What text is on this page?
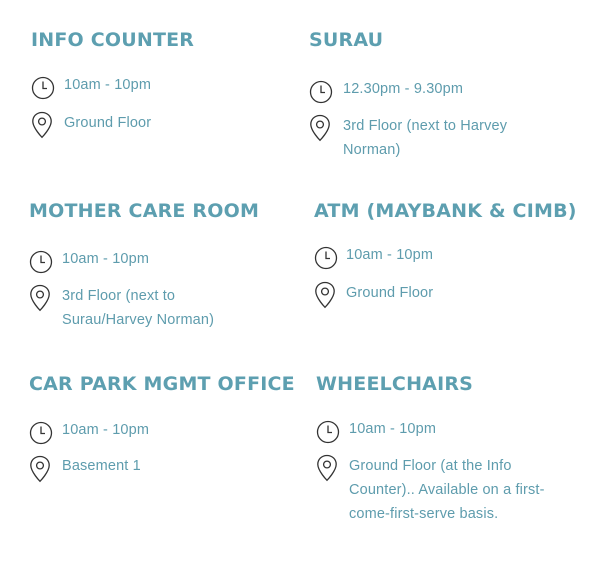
INFO COUNTER
10am - 10pm
Ground Floor
SURAU
12.30pm - 9.30pm
3rd Floor (next to Harvey Norman)
MOTHER CARE ROOM
10am - 10pm
3rd Floor (next to Surau/Harvey Norman)
ATM (MAYBANK & CIMB)
10am - 10pm
Ground Floor
CAR PARK MGMT OFFICE
10am - 10pm
Basement 1
WHEELCHAIRS
10am - 10pm
Ground Floor (at the Info Counter).. Available on a first-come-first-serve basis.
